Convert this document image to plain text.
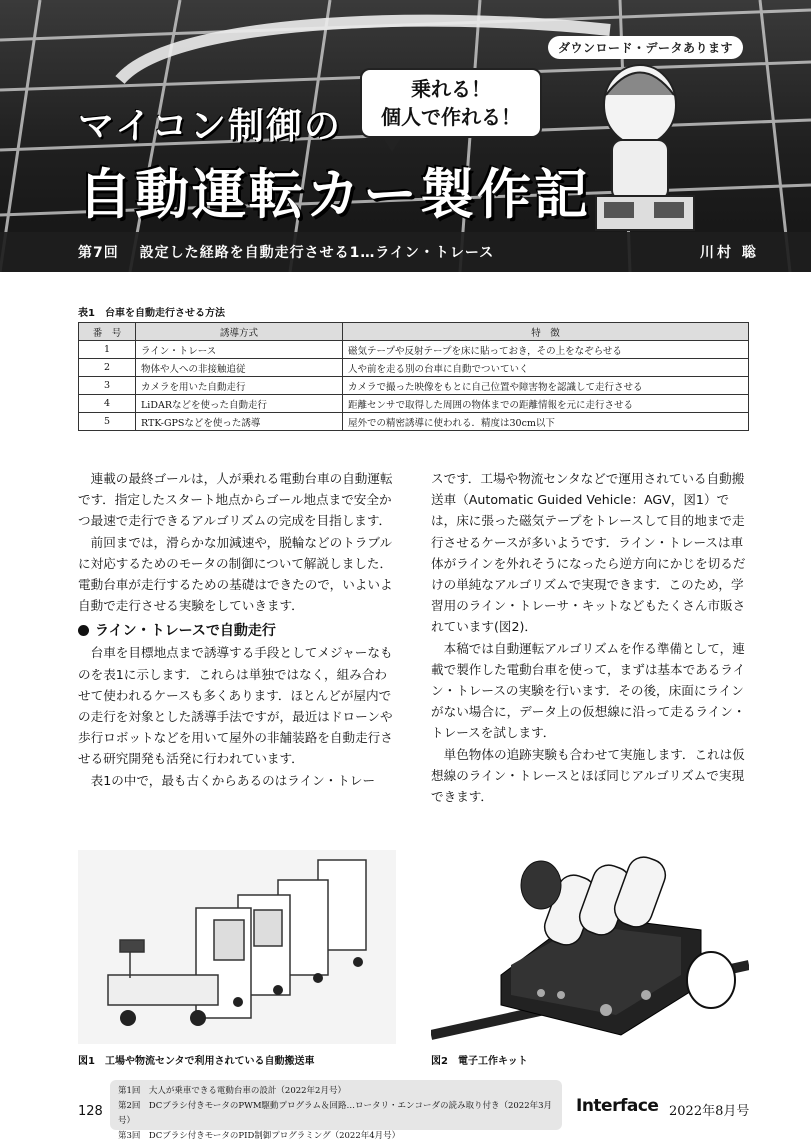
ダウンロード・データあります
乗れる！
個人で作れる！
マイコン制御の
自動運転カー製作記
第7回　 設定した経路を自動走行させる1…ライン・トレース	川村 聡
表1　台車を自動走行させる方法
番　号	誘導方式	特　徴
1	ライン・トレース	磁気テープや反射テープを床に貼っておき，その上をなぞらせる
2	物体や人への非接触追従	人や前を走る別の台車に自動でついていく
3	カメラを用いた自動走行	カメラで撮った映像をもとに自己位置や障害物を認識して走行させる
4	LiDARなどを使った自動走行	距離センサで取得した周囲の物体までの距離情報を元に走行させる
5	RTK-GPSなどを使った誘導	屋外での精密誘導に使われる．精度は30cm以下

連載の最終ゴールは，人が乗れる電動台車の自動運転です．指定したスタート地点からゴール地点まで安全かつ最速で走行できるアルゴリズムの完成を目指します．

前回までは，滑らかな加減速や，脱輪などのトラブルに対応するためのモータの制御について解説しました．電動台車が走行するための基礎はできたので，いよいよ自動で走行させる実験をしていきます．

ライン・トレースで自動走行

台車を目標地点まで誘導する手段としてメジャーなものを表1に示します．これらは単独ではなく，組み合わせて使われるケースも多くあります．ほとんどが屋内での走行を対象とした誘導手法ですが，最近はドローンや歩行ロボットなどを用いて屋外の非舗装路を自動走行させる研究開発も活発に行われています．

表1の中で，最も古くからあるのはライン・トレー

スです．工場や物流センタなどで運用されている自動搬送車（Automatic Guided Vehicle：AGV，図1）では，床に張った磁気テープをトレースして目的地まで走行させるケースが多いようです．ライン・トレースは車体がラインを外れそうになったら逆方向にかじを切るだけの単純なアルゴリズムで実現できます．このため，学習用のライン・トレーサ・キットなどもたくさん市販されています(図2)．

本稿では自動運転アルゴリズムを作る準備として，連載で製作した電動台車を使って，まずは基本であるライン・トレースの実験を行います．その後，床面にラインがない場合に，データ上の仮想線に沿って走るライン・トレースを試します．

単色物体の追跡実験も合わせて実施します．これは仮想線のライン・トレースとほぼ同じアルゴリズムで実現できます．

図1　工場や物流センタで利用されている自動搬送車	図2　電子工作キット
128
第1回　大人が乗車できる電動台車の設計（2022年2月号）
第2回　DCブラシ付きモータのPWM駆動プログラム＆回路…ロータリ・エンコーダの読み取り付き（2022年3月号）
第3回　DCブラシ付きモータのPID制御プログラミング（2022年4月号）
Interface 2022年8月号
